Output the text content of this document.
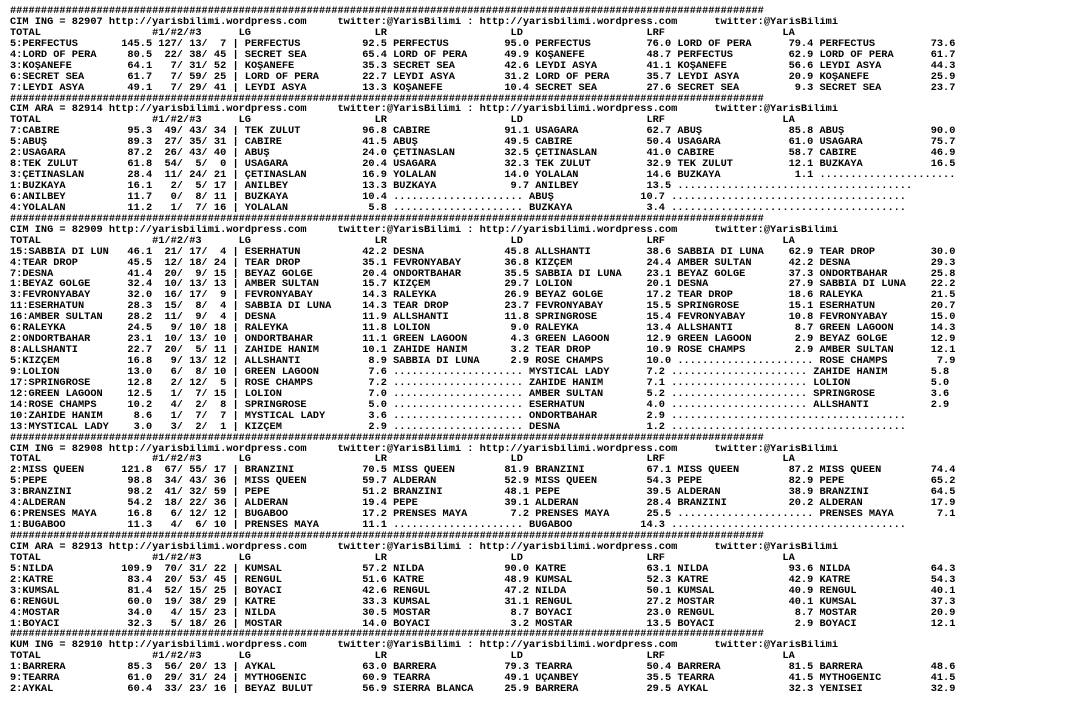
##########################################################################################################################
CIM ING = 82907 http://yarisbilimi.wordpress.com     twitter:@YarisBilimi : http://yarisbilimi.wordpress.com      twitter:@YarisBilimi
TOTAL                  #1/#2/#3      LG                    LR                    LD                    LRF                   LA
5:PERFECTUS       145.5 127/ 13/  7 | PERFECTUS          92.5 PERFECTUS         95.0 PERFECTUS         76.0 LORD OF PERA      79.4 PERFECTUS         73.6
4:LORD OF PERA     80.5  22/ 38/ 45 | SECRET SEA         65.4 LORD OF PERA      49.9 KOŞANEFE          48.7 PERFECTUS         62.9 LORD OF PERA      61.7
3:KOŞANEFE         64.1   7/ 31/ 52 | KOŞANEFE           35.3 SECRET SEA        42.6 LEYDİ ASYA        41.1 KOŞANEFE          56.6 LEYDİ ASYA        44.3
6:SECRET SEA       61.7   7/ 59/ 25 | LORD OF PERA       22.7 LEYDİ ASYA        31.2 LORD OF PERA      35.7 LEYDİ ASYA        20.9 KOŞANEFE          25.9
7:LEYDİ ASYA       49.1   7/ 29/ 41 | LEYDİ ASYA         13.3 KOŞANEFE          10.4 SECRET SEA        27.6 SECRET SEA         9.3 SECRET SEA        23.7
##########################################################################################################################
CIM ARA = 82914 http://yarisbilimi.wordpress.com     twitter:@YarisBilimi : http://yarisbilimi.wordpress.com      twitter:@YarisBilimi
TOTAL                  #1/#2/#3      LG                    LR                    LD                    LRF                   LA
7:CABİRE           95.3  49/ 43/ 34 | TEK ZULUT          96.8 CABİRE            91.1 USAGARA           62.7 ABUŞ              85.8 ABUŞ              90.0
5:ABUŞ             89.3  27/ 35/ 31 | CABİRE             41.5 ABUŞ              49.5 CABİRE            50.4 USAGARA           61.0 USAGARA           75.7
2:USAGARA          87.2  26/ 43/ 40 | ABUŞ               24.0 ÇETİNASLAN        32.5 ÇETİNASLAN        41.0 CABİRE            58.7 CABİRE            46.9
8:TEK ZULUT        61.8  54/  5/  0 | USAGARA            20.4 USAGARA           32.3 TEK ZULUT         32.9 TEK ZULUT         12.1 BUZKAYA           16.5
3:ÇETİNASLAN       28.4  11/ 24/ 21 | ÇETİNASLAN         16.9 YOLALAN           14.0 YOLALAN           14.6 BUZKAYA            1.1 ......................
1:BUZKAYA          16.1   2/  5/ 17 | ANILBEY            13.3 BUZKAYA            9.7 ANILBEY           13.5 ......................................
6:ANILBEY          11.7   0/  8/ 11 | BUZKAYA            10.4 ..................... ABUŞ              10.7 ......................................
4:YOLALAN          11.2   1/  7/ 16 | YOLALAN             5.8 ..................... BUZKAYA            3.4 ......................................
##########################################################################################################################
CIM ING = 82909 http://yarisbilimi.wordpress.com     twitter:@YarisBilimi : http://yarisbilimi.wordpress.com      twitter:@YarisBilimi
TOTAL                  #1/#2/#3      LG                    LR                    LD                    LRF                   LA
15:SABBIA DI LUN   46.1  21/ 17/  4 | ESERHATUN          42.2 DESNA             45.8 ALLSHANTI         38.6 SABBIA DI LUNA    62.9 TEAR DROP         30.0
4:TEAR DROP        45.5  12/ 18/ 24 | TEAR DROP          35.1 FEVRONYABAY       36.8 KIZÇEM            24.4 AMBER SULTAN      42.2 DESNA             29.3
7:DESNA            41.4  20/  9/ 15 | BEYAZ GÖLGE        20.4 ONDÖRTBAHAR       35.5 SABBIA DI LUNA    23.1 BEYAZ GÖLGE       37.3 ONDÖRTBAHAR       25.8
1:BEYAZ GÖLGE      32.4  10/ 13/ 13 | AMBER SULTAN       15.7 KIZÇEM            29.7 LOLION            20.1 DESNA             27.9 SABBIA DI LUNA    22.2
3:FEVRONYABAY      32.0  16/ 17/  9 | FEVRONYABAY        14.3 RALEYKA           26.9 BEYAZ GÖLGE       17.2 TEAR DROP         18.6 RALEYKA           21.5
11:ESERHATUN       28.3  15/  8/  4 | SABBIA DI LUNA     14.3 TEAR DROP         23.7 FEVRONYABAY       15.5 SPRINGROSE        15.1 ESERHATUN         20.7
16:AMBER SULTAN    28.2  11/  9/  4 | DESNA              11.9 ALLSHANTI         11.8 SPRINGROSE        15.4 FEVRONYABAY       10.8 FEVRONYABAY       15.0
6:RALEYKA          24.5   9/ 10/ 18 | RALEYKA            11.8 LOLION             9.0 RALEYKA           13.4 ALLSHANTI          8.7 GREEN LAGOON      14.3
2:ONDÖRTBAHAR      23.1  10/ 13/ 10 | ONDÖRTBAHAR        11.1 GREEN LAGOON       4.3 GREEN LAGOON      12.9 GREEN LAGOON       2.9 BEYAZ GÖLGE       12.9
8:ALLSHANTI        22.7  20/  5/ 11 | ZAHİDE HANIM       10.1 ZAHİDE HANIM       3.2 TEAR DROP         10.9 ROSE CHAMPS        2.9 AMBER SULTAN      12.1
5:KIZÇEM           16.8   9/ 13/ 12 | ALLSHANTI           8.9 SABBIA DI LUNA     2.9 ROSE CHAMPS       10.0 ...................... ROSE CHAMPS        7.9
9:LOLION           13.0   6/  8/ 10 | GREEN LAGOON        7.6 ..................... MYSTICAL LADY      7.2 ...................... ZAHİDE HANIM       5.8
17:SPRINGROSE      12.8   2/ 12/  5 | ROSE CHAMPS         7.2 ..................... ZAHİDE HANIM       7.1 ...................... LOLION             5.0
12:GREEN LAGOON    12.5   1/  7/ 15 | LOLION              7.0 ..................... AMBER SULTAN       5.2 ...................... SPRINGROSE         3.6
14:ROSE CHAMPS     10.2   4/  2/  8 | SPRINGROSE          5.0 ..................... ESERHATUN          4.0 ...................... ALLSHANTI          2.9
10:ZAHİDE HANIM     8.6   1/  7/  7 | MYSTICAL LADY       3.6 ..................... ONDÖRTBAHAR        2.9 ......................................
13:MYSTICAL LADY    3.0   3/  2/  1 | KIZÇEM              2.9 ..................... DESNA              1.2 ......................................
##########################################################################################################################
CIM ING = 82908 http://yarisbilimi.wordpress.com     twitter:@YarisBilimi : http://yarisbilimi.wordpress.com      twitter:@YarisBilimi
TOTAL                  #1/#2/#3      LG                    LR                    LD                    LRF                   LA
2:MISS QUEEN      121.8  67/ 55/ 17 | BRANZINI           70.5 MISS QUEEN        81.9 BRANZINI          67.1 MISS QUEEN        87.2 MISS QUEEN        74.4
5:PEPE             98.8  34/ 43/ 36 | MISS QUEEN         59.7 ALDERAN           52.9 MISS QUEEN        54.3 PEPE              82.9 PEPE              65.2
3:BRANZINI         98.2  41/ 32/ 59 | PEPE               51.2 BRANZINI          48.1 PEPE              39.5 ALDERAN           38.9 BRANZINI          64.5
4:ALDERAN          54.2  18/ 22/ 36 | ALDERAN            19.4 PEPE              39.1 ALDERAN           28.4 BRANZINI          20.2 ALDERAN           17.9
6:PRENSES MAYA     16.8   6/ 12/ 12 | BUGABOO            17.2 PRENSES MAYA       7.2 PRENSES MAYA      25.5 ...................... PRENSES MAYA       7.1
1:BUGABOO          11.3   4/  6/ 10 | PRENSES MAYA       11.1 ..................... BUGABOO           14.3 ......................................
##########################################################################################################################
CIM ARA = 82913 http://yarisbilimi.wordpress.com     twitter:@YarisBilimi : http://yarisbilimi.wordpress.com      twitter:@YarisBilimi
TOTAL                  #1/#2/#3      LG                    LR                    LD                    LRF                   LA
5:NILDA           109.9  70/ 31/ 22 | KUMSAL             57.2 NILDA             90.0 KATRE             63.1 NILDA             93.6 NILDA             64.3
2:KATRE            83.4  20/ 53/ 45 | RENGÜL             51.6 KATRE             48.9 KUMSAL            52.3 KATRE             42.9 KATRE             54.3
3:KUMSAL           81.4  52/ 15/ 25 | BOYACI             42.6 RENGÜL            47.2 NILDA             50.1 KUMSAL            40.9 RENGÜL            40.1
6:RENGÜL           60.0  19/ 38/ 29 | KATRE              33.3 KUMSAL            31.1 RENGÜL            27.2 MOSTAR            40.1 KUMSAL            37.3
4:MOSTAR           34.0   4/ 15/ 23 | NILDA              30.5 MOSTAR             8.7 BOYACI            23.0 RENGÜL             8.7 MOSTAR            20.9
1:BOYACI           32.3   5/ 18/ 26 | MOSTAR             14.0 BOYACI             3.2 MOSTAR            13.5 BOYACI             2.9 BOYACI            12.1
##########################################################################################################################
KUM ING = 82910 http://yarisbilimi.wordpress.com     twitter:@YarisBilimi : http://yarisbilimi.wordpress.com      twitter:@YarisBilimi
TOTAL                  #1/#2/#3      LG                    LR                    LD                    LRF                   LA
1:BARRERA          85.3  56/ 20/ 13 | AYKAL              63.0 BARRERA           79.3 TEARRA            50.4 BARRERA           81.5 BARRERA           48.6
9:TEARRA           61.0  29/ 31/ 24 | MYTHOGENIC         60.9 TEARRA            49.1 UÇANBEY           35.5 TEARRA            41.5 MYTHOGENIC        41.5
2:AYKAL            60.4  33/ 23/ 16 | BEYAZ BULUT        56.9 SIERRA BLANCA     25.9 BARRERA           29.5 AYKAL             32.3 YENİSEİ           32.9
